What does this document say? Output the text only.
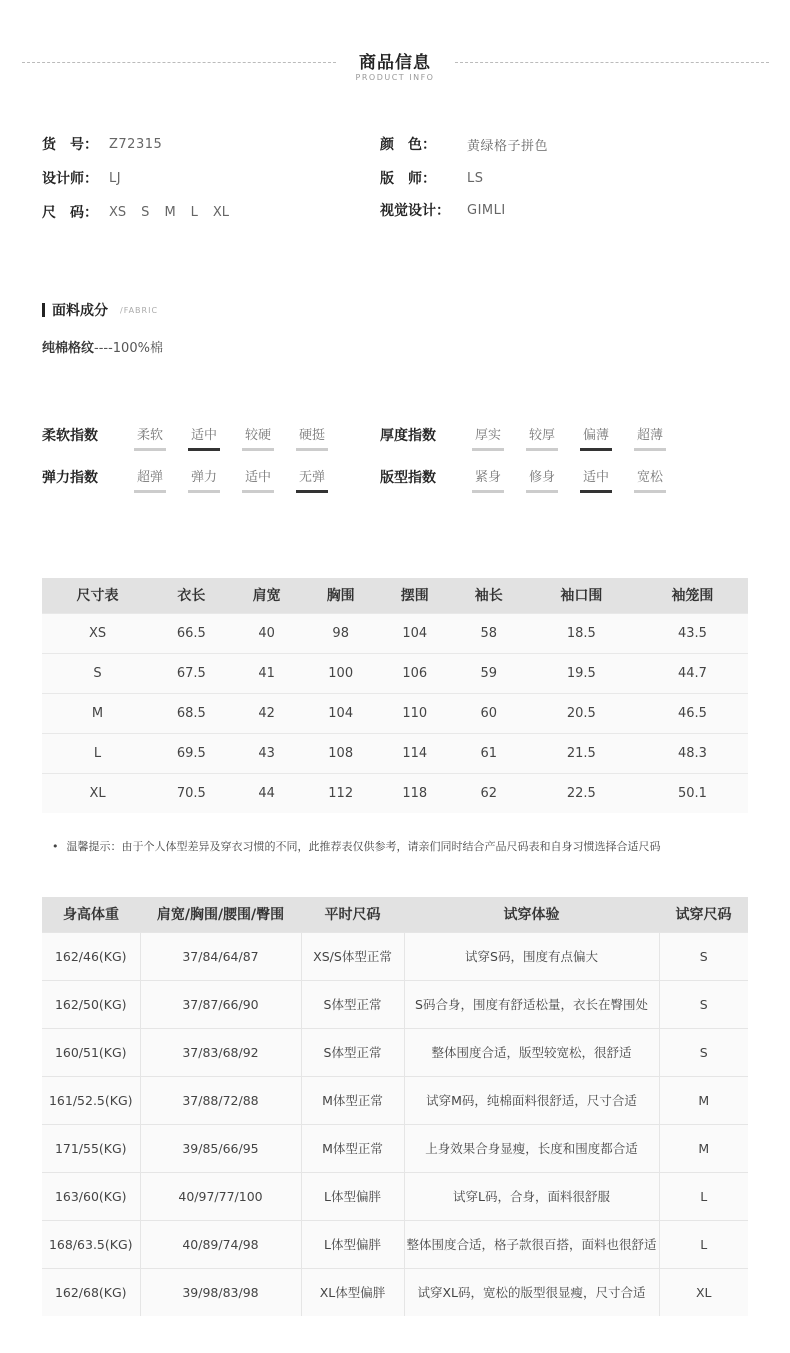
商品信息
PRODUCT INFO
货　号： Z72315	颜　色：	黄绿格子拼色
设计师： LJ	版　师：	LS
尺　码： XS S M L XL	视觉设计：	GIMLI
面料成分 /FABRIC
纯棉格纹----100%棉
柔软指数	柔软	适中	较硬	硬挺	厚度指数	厚实	较厚	偏薄	超薄
弹力指数	超弹	弹力	适中	无弹	版型指数	紧身	修身	适中	宽松
尺寸表	衣长	肩宽	胸围	摆围	袖长	袖口围	袖笼围
XS	66.5	40	98	104	58	18.5	43.5
S	67.5	41	100	106	59	19.5	44.7
M	68.5	42	104	110	60	20.5	46.5
L	69.5	43	108	114	61	21.5	48.3
XL	70.5	44	112	118	62	22.5	50.1
• 温馨提示：由于个人体型差异及穿衣习惯的不同，此推荐表仅供参考，请亲们同时结合产品尺码表和自身习惯选择合适尺码
身高体重	肩宽/胸围/腰围/臀围	平时尺码	试穿体验	试穿尺码
162/46(KG)	37/84/64/87	XS/S体型正常	试穿S码，围度有点偏大	S
162/50(KG)	37/87/66/90	S体型正常	S码合身，围度有舒适松量，衣长在臀围处	S
160/51(KG)	37/83/68/92	S体型正常	整体围度合适，版型较宽松，很舒适	S
161/52.5(KG)	37/88/72/88	M体型正常	试穿M码，纯棉面料很舒适，尺寸合适	M
171/55(KG)	39/85/66/95	M体型正常	上身效果合身显瘦，长度和围度都合适	M
163/60(KG)	40/97/77/100	L体型偏胖	试穿L码，合身，面料很舒服	L
168/63.5(KG)	40/89/74/98	L体型偏胖	整体围度合适，格子款很百搭，面料也很舒适	L
162/68(KG)	39/98/83/98	XL体型偏胖	试穿XL码，宽松的版型很显瘦，尺寸合适	XL
